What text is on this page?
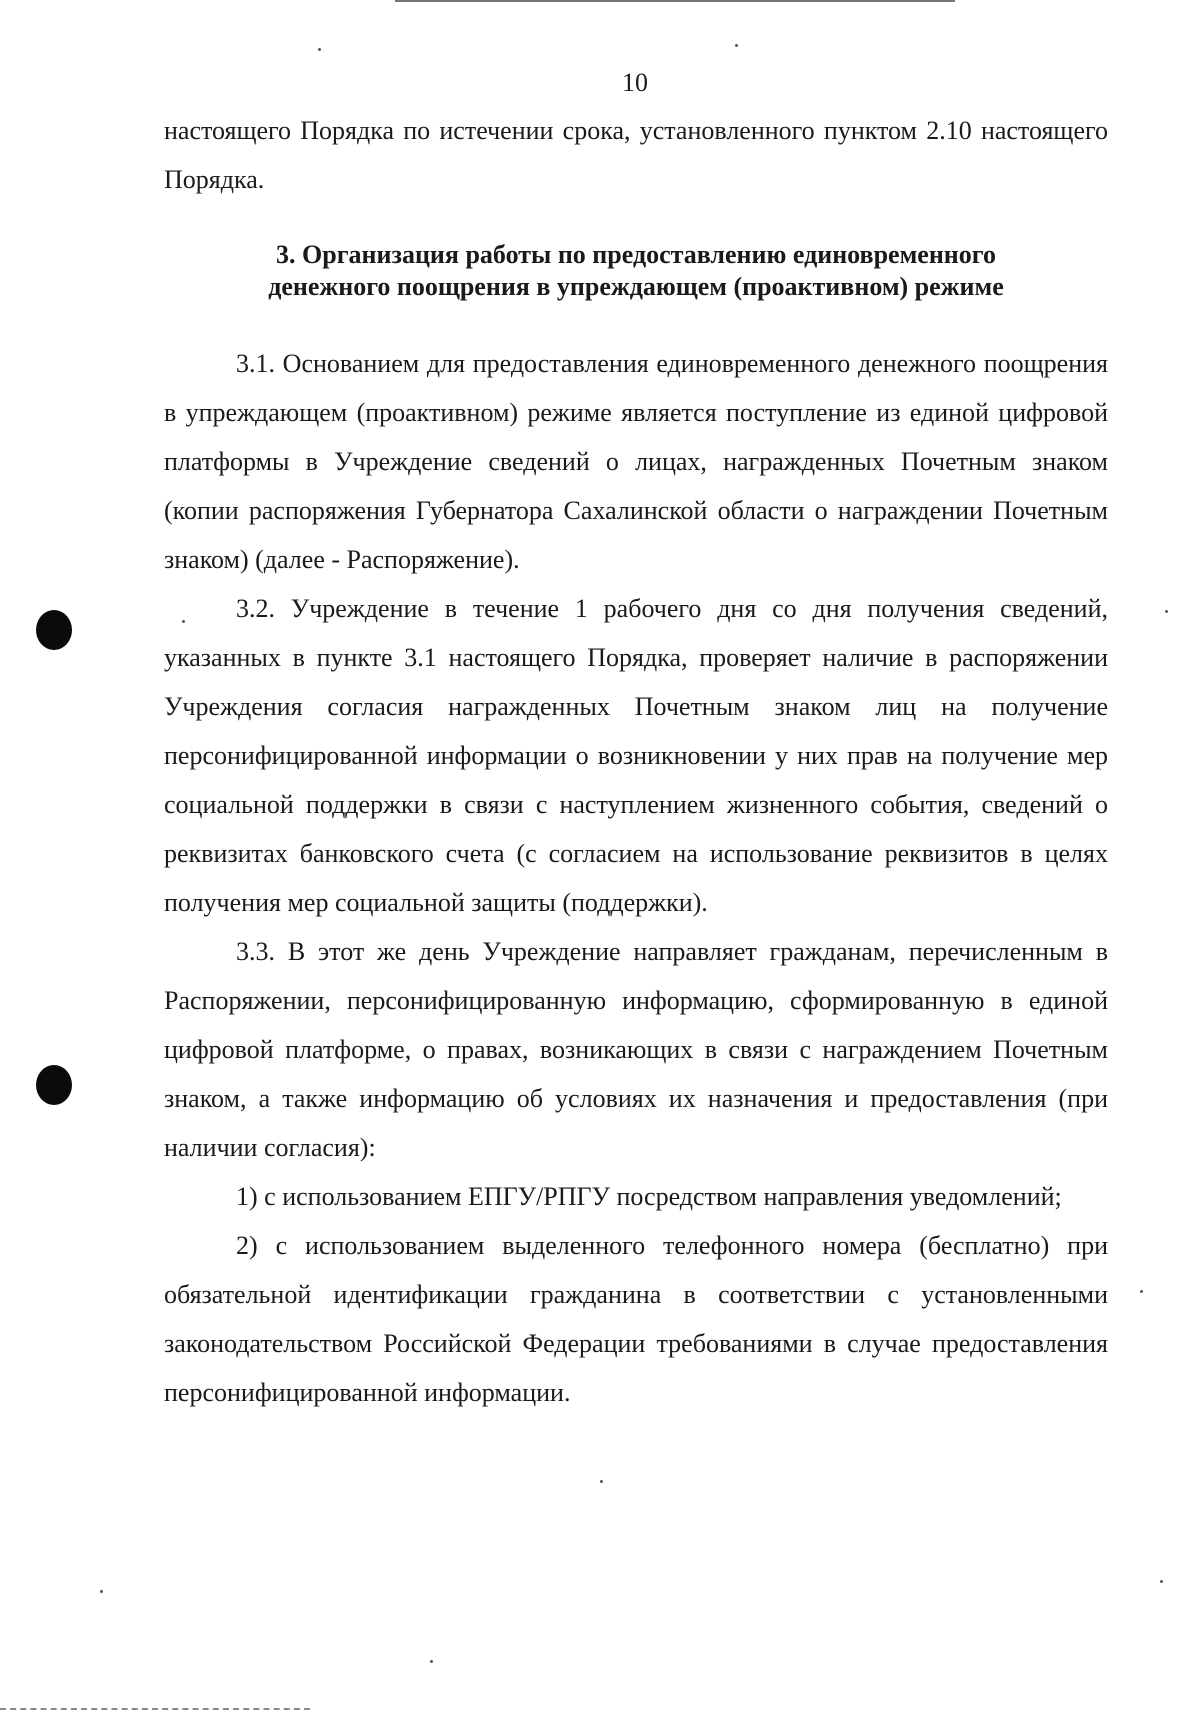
10

настоящего Порядка по истечении срока, установленного пунктом 2.10 настоящего Порядка.

3. Организация работы по предоставлению единовременного
денежного поощрения в упреждающем (проактивном) режиме

3.1. Основанием для предоставления единовременного денежного поощрения в упреждающем (проактивном) режиме является поступление из единой цифровой платформы в Учреждение сведений о лицах, награжденных Почетным знаком (копии распоряжения Губернатора Сахалинской области о награждении Почетным знаком) (далее - Распоряжение).

3.2. Учреждение в течение 1 рабочего дня со дня получения сведений, указанных в пункте 3.1 настоящего Порядка, проверяет наличие в распоряжении Учреждения согласия награжденных Почетным знаком лиц на получение персонифицированной информации о возникновении у них прав на получение мер социальной поддержки в связи с наступлением жизненного события, сведений о реквизитах банковского счета (с согласием на использование реквизитов в целях получения мер социальной защиты (поддержки).

3.3. В этот же день Учреждение направляет гражданам, перечисленным в Распоряжении, персонифицированную информацию, сформированную в единой цифровой платформе, о правах, возникающих в связи с награждением Почетным знаком, а также информацию об условиях их назначения и предоставления (при наличии согласия):

1) с использованием ЕПГУ/РПГУ посредством направления уведомлений;

2) с использованием выделенного телефонного номера (бесплатно) при обязательной идентификации гражданина в соответствии с установленными законодательством Российской Федерации требованиями в случае предоставления персонифицированной информации.
